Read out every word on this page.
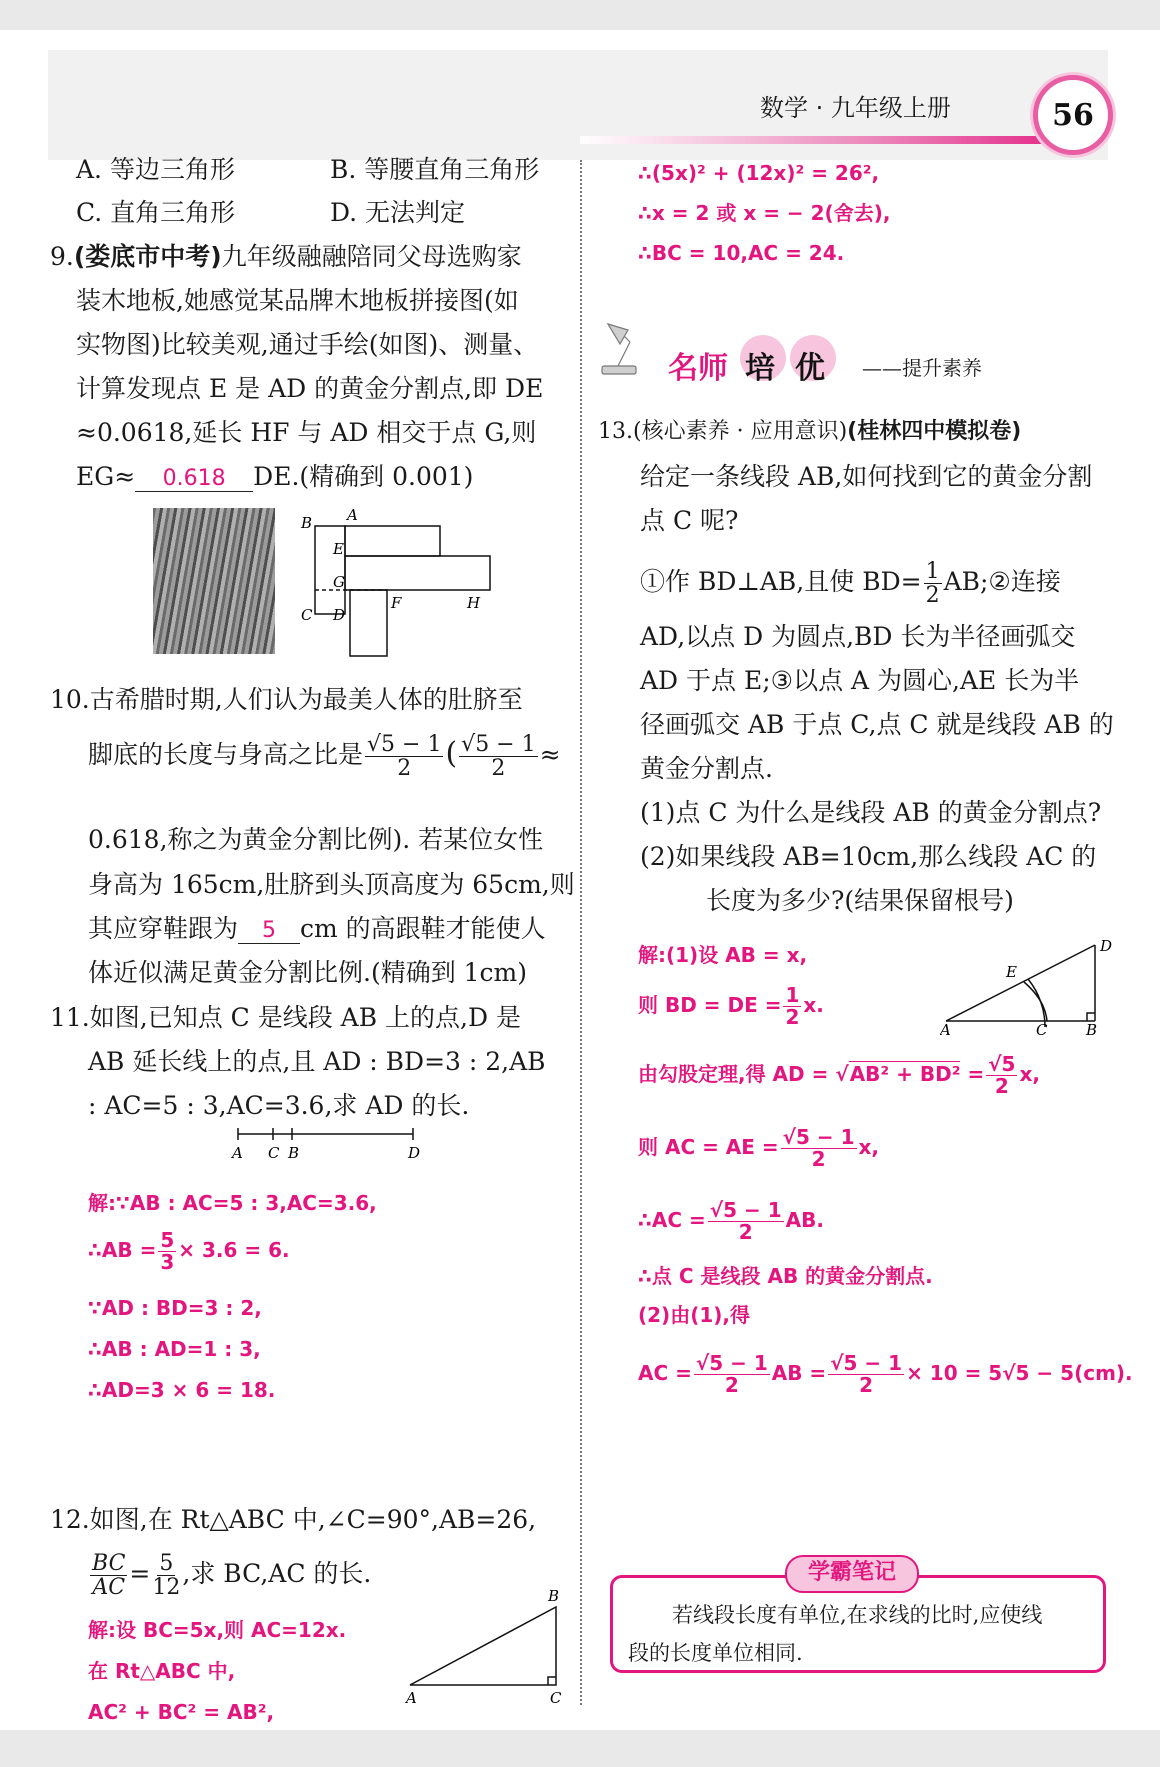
数学 · 九年级上册	56
A. 等边三角形	B. 等腰直角三角形
C. 直角三角形	D. 无法判定
9.(娄底市中考)九年级融融陪同父母选购家
装木地板,她感觉某品牌木地板拼接图(如
实物图)比较美观,通过手绘(如图)、测量、
计算发现点 E 是 AD 的黄金分割点,即 DE
≈0.0618,延长 HF 与 AD 相交于点 G,则
EG≈ 0.618 DE.(精确到 0.001)
B A
E
G
F	H
C D
10.古希腊时期,人们认为最美人体的肚脐至
脚底的长度与身高之比是 $\frac{√5 - 1}{2}$ ( $\frac{√5 - 1}{2}$ ≈
0.618,称之为黄金分割比例). 若某位女性
身高为 165cm,肚脐到头顶高度为 65cm,则
其应穿鞋跟为 5 cm 的高跟鞋才能使人
体近似满足黄金分割比例.(精确到 1cm)
11.如图,已知点 C 是线段 AB 上的点,D 是
AB 延长线上的点,且 AD : BD=3 : 2,AB
: AC=5 : 3,AC=3.6,求 AD 的长.
A C B	D
解:∵AB : AC=5 : 3,AC=3.6,
∴AB = $\frac{5}{3} \times 3.6 = 6$.
∵AD : BD=3 : 2,
∴AB : AD=1 : 3,
∴AD=3 × 6 = 18.
12.如图,在 Rt△ABC 中,∠C=90°,AB=26,
$\frac{BC}{AC} = \frac{5}{12}$ ,求 BC,AC 的长.
解:设 BC=5x,则 AC=12x.
在 Rt△ABC 中,
AC² + BC² = AB²,
B
A	C
∴(5x)² + (12x)² = 26²,
∴x = 2 或 x = − 2(舍去),
∴BC = 10,AC = 24.
名师 培 优 ——提升素养
13.(核心素养 · 应用意识)(桂林四中模拟卷)
给定一条线段 AB,如何找到它的黄金分割
点 C 呢?
①作 BD⊥AB,且使 $BD= \frac{1}{2}$ AB;②连接
AD,以点 D 为圆点,BD 长为半径画弧交
AD 于点 E;③以点 A 为圆心,AE 长为半
径画弧交 AB 于点 C,点 C 就是线段 AB 的
黄金分割点.
(1)点 C 为什么是线段 AB 的黄金分割点?
(2)如果线段 AB=10cm,那么线段 AC 的
长度为多少?(结果保留根号)
D
E
A	C	B
解:(1)设 AB = x,
则 BD = DE = $\frac{1}{2} x$.
由勾股定理,得 AD = $√AB^2 + BD^2 = \frac{√5}{2} x$,
则 AC = AE = $\frac{√5 - 1}{2} x$,
∴AC = $\frac{√5 - 1}{2}$ AB.
∴点 C 是线段 AB 的黄金分割点.
(2)由(1),得
AC = $\frac{√5 - 1}{2}$ AB = $\frac{√5 - 1}{2} \times 10 = 5√5 - 5(cm)$.
学霸笔记
若线段长度有单位,在求线的比时,应使线
段的长度单位相同.
